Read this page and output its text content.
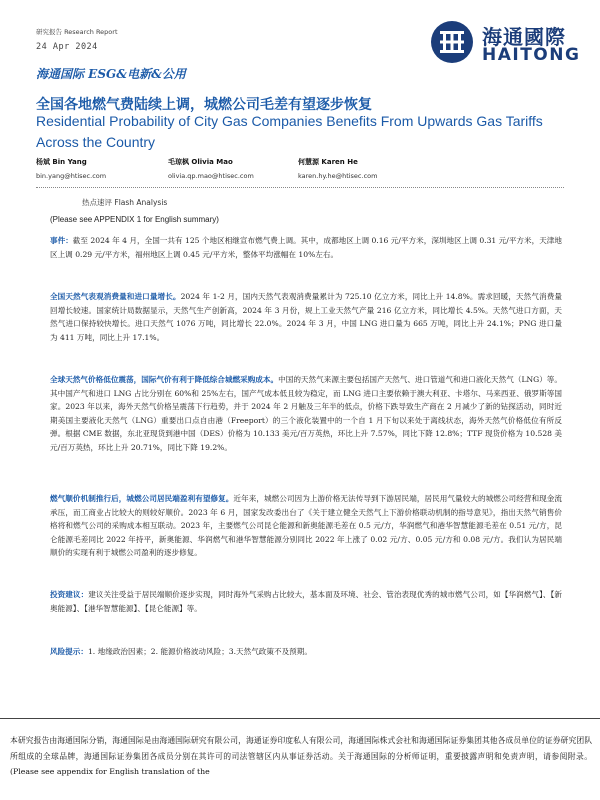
研究报告 Research Report
24 Apr 2024	海通國際
HAITONG
海通国际 ESG&电新&公用
全国各地燃气费陆续上调，城燃公司毛差有望逐步恢复
Residential Probability of City Gas Companies Benefits From Upwards Gas Tariffs Across the Country
杨斌 Bin Yang	毛琼枫 Olivia Mao	何慧源 Karen He
bin.yang@htisec.com	olivia.qp.mao@htisec.com	karen.hy.he@htisec.com
热点速评 Flash Analysis
(Please see APPENDIX 1 for English summary)
事件：截至 2024 年 4 月，全国一共有 125 个地区相继宣布燃气费上调。其中，成都地区上调 0.16 元/平方米，深圳地区上调 0.31 元/平方米，天津地区上调 0.29 元/平方米，福州地区上调 0.45 元/平方米，整体平均涨幅在 10%左右。
全国天然气表观消费量和进口量增长。2024 年 1-2 月，国内天然气表观消费量累计为 725.10 亿立方米，同比上升 14.8%。需求回暖，天然气消费量回增长较速。国家统计局数据显示，天然气生产创新高，2024 年 3 月份，规上工业天然气产量 216 亿立方米，同比增长 4.5%。天然气进口方面，天然气进口保持较快增长。进口天然气 1076 万吨，同比增长 22.0%。2024 年 3 月，中国 LNG 进口量为 665 万吨，同比上升 24.1%；PNG 进口量为 411 万吨，同比上升 17.1%。
全球天然气价格低位震荡，国际气价有利于降低综合城燃采购成本。中国的天然气来源主要包括国产天然气、进口管道气和进口液化天然气（LNG）等。其中国产气和进口 LNG 占比分别在 60%和 25%左右，国产气成本低且较为稳定，而 LNG 进口主要依赖于澳大利亚、卡塔尔、马来西亚、俄罗斯等国家。2023 年以来，海外天然气价格呈震荡下行趋势，并于 2024 年 2 月触及三年半的低点，价格下跌导致生产商在 2 月减少了新的钻探活动，同时近期美国主要液化天然气（LNG）重要出口点自由港（Freeport）的三个液化装置中的一个自 1 月下旬以来处于离线状态，海外天然气价格低位有所反弹。根据 CME 数据，东北亚现货到港中国（DES）价格为 10.133 美元/百万英热，环比上升 7.57%，同比下降 12.8%；TTF 现货价格为 10.528 美元/百万英热，环比上升 20.71%，同比下降 19.2%。
燃气顺价机制推行后，城燃公司居民端盈利有望修复。近年来，城燃公司因为上游价格无法传导到下游居民端，居民用气量较大的城燃公司经营和现金流承压，而工商业占比较大的则较好顺价。2023 年 6 月，国家发改委出台了《关于建立健全天然气上下游价格联动机制的指导意见》，指出天然气销售价格将和燃气公司的采购成本相互联动。2023 年，主要燃气公司昆仑能源和新奥能源毛差在 0.5 元/方，华润燃气和港华智慧能源毛差在 0.51 元/方，昆仑能源毛差同比 2022 年持平，新奥能源、华润燃气和港华智慧能源分别同比 2022 年上涨了 0.02 元/方、0.05 元/方和 0.08 元/方。我们认为居民端顺价的实现有利于城燃公司盈利的逐步修复。
投资建议：建议关注受益于居民端顺价逐步实现，同时海外气采购占比较大，基本面及环境、社会、管治表现优秀的城市燃气公司，如【华润燃气】、【新奥能源】、【港华智慧能源】、【昆仑能源】等。
风险提示：1. 地缘政治因素；2. 能源价格波动风险；3.天然气政策不及预期。
本研究报告由海通国际分销，海通国际是由海通国际研究有限公司，海通证券印度私人有限公司，海通国际株式会社和海通国际证券集团其他各成员单位的证券研究团队所组成的全球品牌，海通国际证券集团各成员分别在其许可的司法管辖区内从事证券活动。关于海通国际的分析师证明，重要披露声明和免责声明，请参阅附录。(Please see appendix for English translation of the
